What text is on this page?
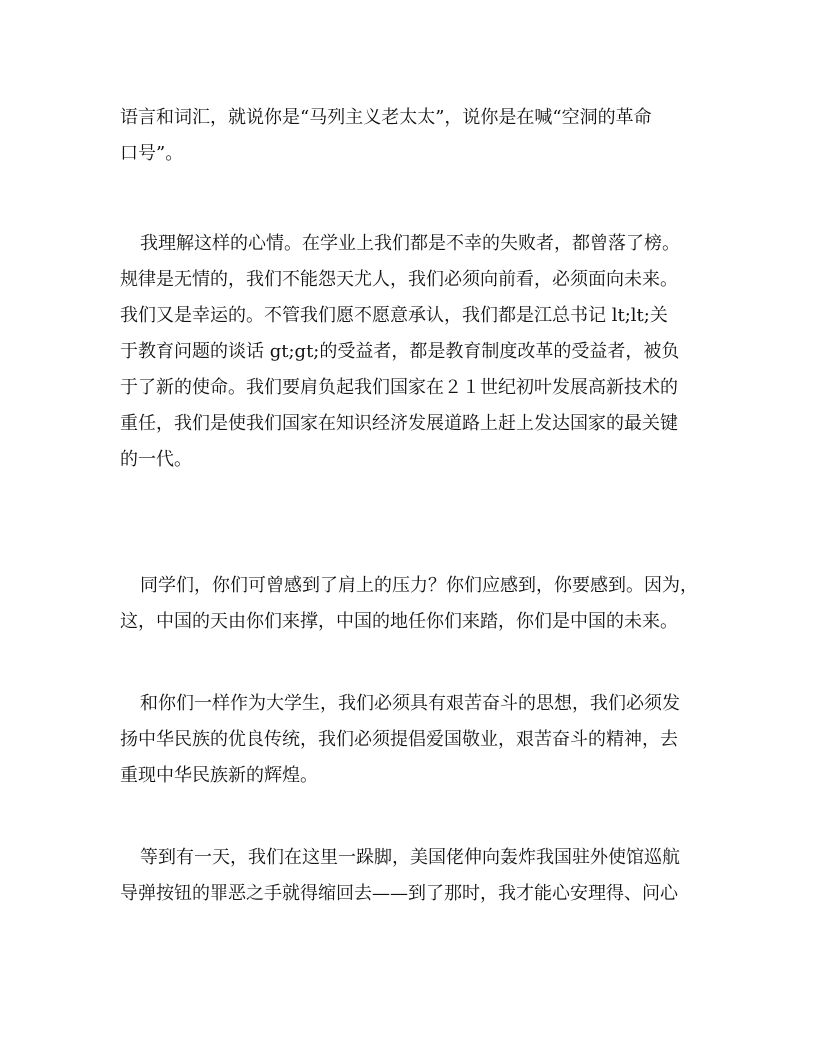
语言和词汇，就说你是“马列主义老太太”，说你是在喊“空洞的革命
口号”。
我理解这样的心情。在学业上我们都是不幸的失败者，都曾落了榜。
规律是无情的，我们不能怨天尤人，我们必须向前看，必须面向未来。
我们又是幸运的。不管我们愿不愿意承认，我们都是江总书记 lt;lt;关
于教育问题的谈话 gt;gt;的受益者，都是教育制度改革的受益者，被负
于了新的使命。我们要肩负起我们国家在２１世纪初叶发展高新技术的
重任，我们是使我们国家在知识经济发展道路上赶上发达国家的最关键
的一代。
同学们，你们可曾感到了肩上的压力？你们应感到，你要感到。因为，
这，中国的天由你们来撑，中国的地任你们来踏，你们是中国的未来。
和你们一样作为大学生，我们必须具有艰苦奋斗的思想，我们必须发
扬中华民族的优良传统，我们必须提倡爱国敬业，艰苦奋斗的精神，去
重现中华民族新的辉煌。
等到有一天，我们在这里一跺脚，美国佬伸向轰炸我国驻外使馆巡航
导弹按钮的罪恶之手就得缩回去——到了那时，我才能心安理得、问心
